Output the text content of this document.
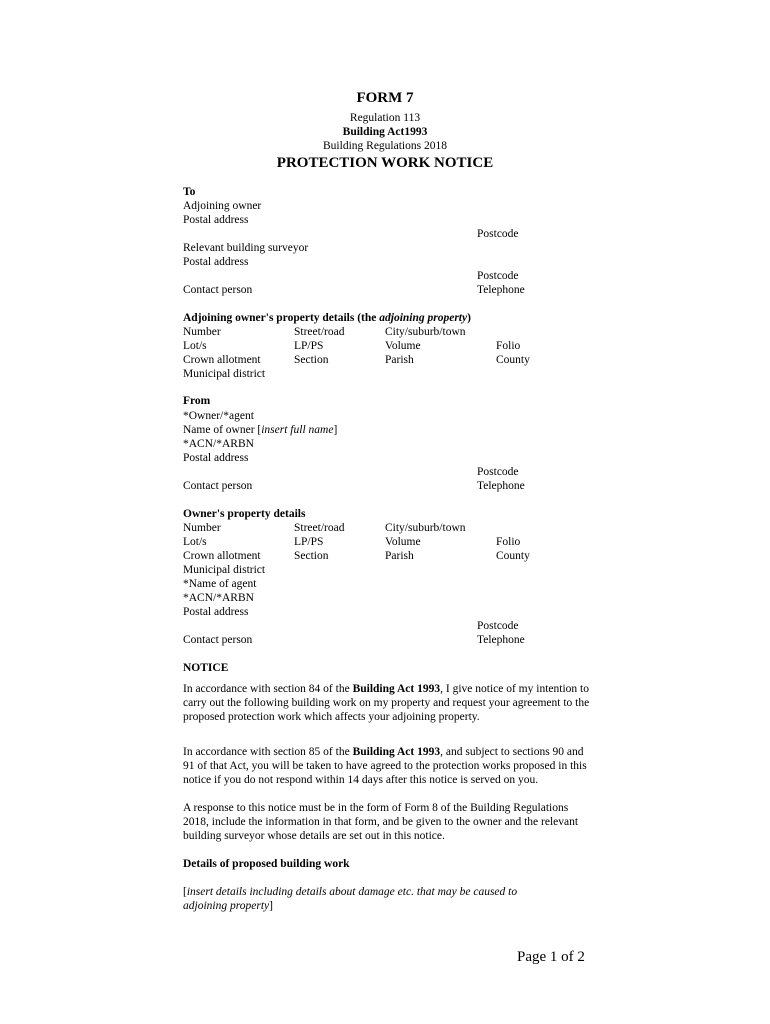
FORM 7
Regulation 113
Building Act1993
Building Regulations 2018
PROTECTION WORK NOTICE
To
Adjoining owner
Postal address
Postcode
Relevant building surveyor
Postal address
Postcode
Contact person	Telephone
Adjoining owner's property details (the adjoining property)
Number	Street/road	City/suburb/town
Lot/s	LP/PS	Volume	Folio
Crown allotment	Section	Parish	County
Municipal district
From
*Owner/*agent
Name of owner [insert full name]
*ACN/*ARBN
Postal address
Postcode
Contact person	Telephone
Owner's property details
Number	Street/road	City/suburb/town
Lot/s	LP/PS	Volume	Folio
Crown allotment	Section	Parish	County
Municipal district
*Name of agent
*ACN/*ARBN
Postal address
Postcode
Contact person	Telephone
NOTICE
In accordance with section 84 of the Building Act 1993, I give notice of my intention to carry out the following building work on my property and request your agreement to the proposed protection work which affects your adjoining property.
In accordance with section 85 of the Building Act 1993, and subject to sections 90 and 91 of that Act, you will be taken to have agreed to the protection works proposed in this notice if you do not respond within 14 days after this notice is served on you.
A response to this notice must be in the form of Form 8 of the Building Regulations 2018, include the information in that form, and be given to the owner and the relevant building surveyor whose details are set out in this notice.
Details of proposed building work
[insert details including details about damage etc. that may be caused to adjoining property]
Page 1 of 2
